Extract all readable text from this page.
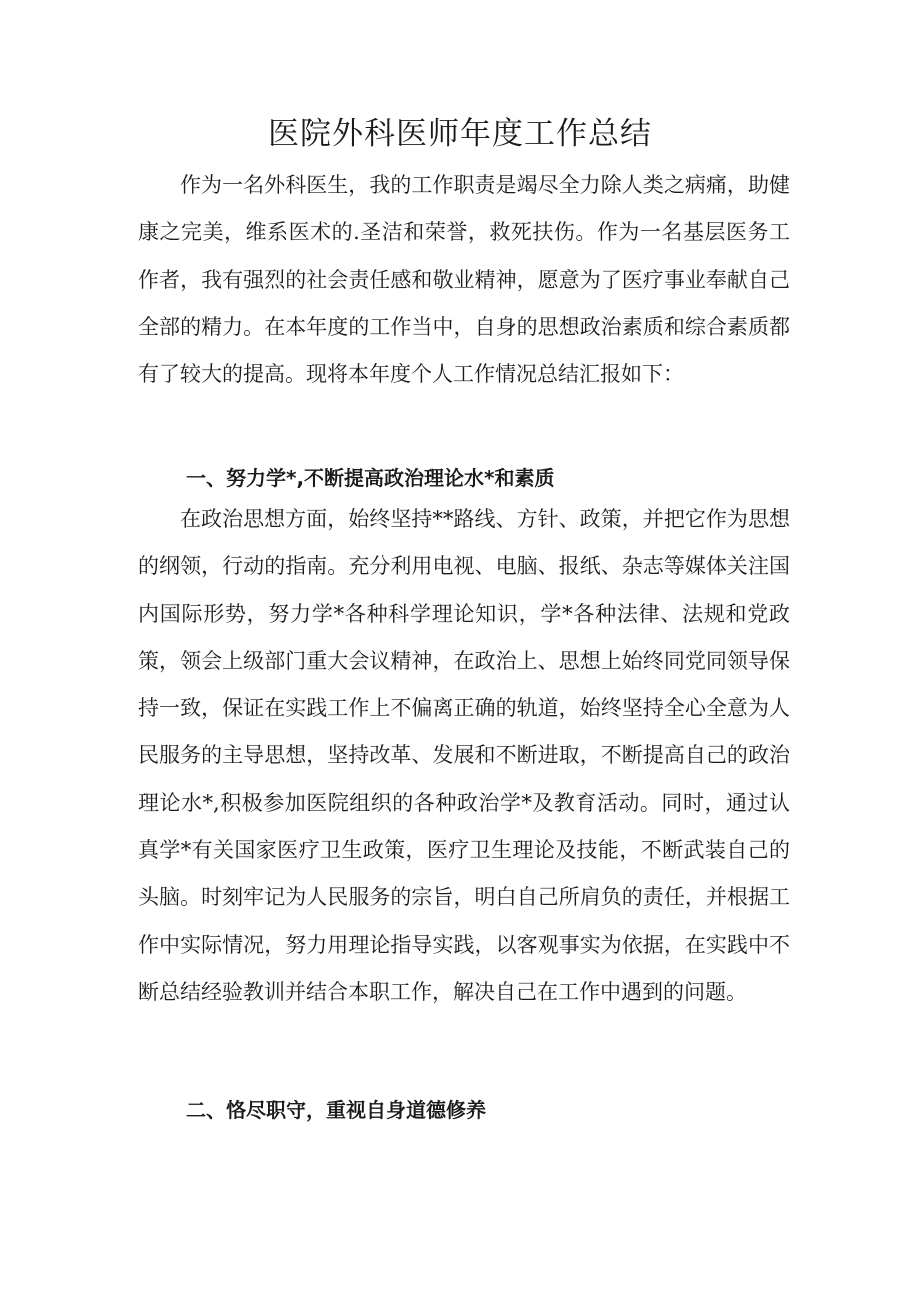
医院外科医师年度工作总结

作为一名外科医生，我的工作职责是竭尽全力除人类之病痛，助健康之完美，维系医术的.圣洁和荣誉，救死扶伤。作为一名基层医务工作者，我有强烈的社会责任感和敬业精神，愿意为了医疗事业奉献自己全部的精力。在本年度的工作当中，自身的思想政治素质和综合素质都有了较大的提高。现将本年度个人工作情况总结汇报如下：

一、努力学*,不断提高政治理论水*和素质

在政治思想方面，始终坚持**路线、方针、政策，并把它作为思想的纲领，行动的指南。充分利用电视、电脑、报纸、杂志等媒体关注国内国际形势，努力学*各种科学理论知识，学*各种法律、法规和党政策，领会上级部门重大会议精神，在政治上、思想上始终同党同领导保持一致，保证在实践工作上不偏离正确的轨道，始终坚持全心全意为人民服务的主导思想，坚持改革、发展和不断进取，不断提高自己的政治理论水*,积极参加医院组织的各种政治学*及教育活动。同时，通过认真学*有关国家医疗卫生政策，医疗卫生理论及技能，不断武装自己的头脑。时刻牢记为人民服务的宗旨，明白自己所肩负的责任，并根据工作中实际情况，努力用理论指导实践，以客观事实为依据，在实践中不断总结经验教训并结合本职工作，解决自己在工作中遇到的问题。

二、恪尽职守，重视自身道德修养
